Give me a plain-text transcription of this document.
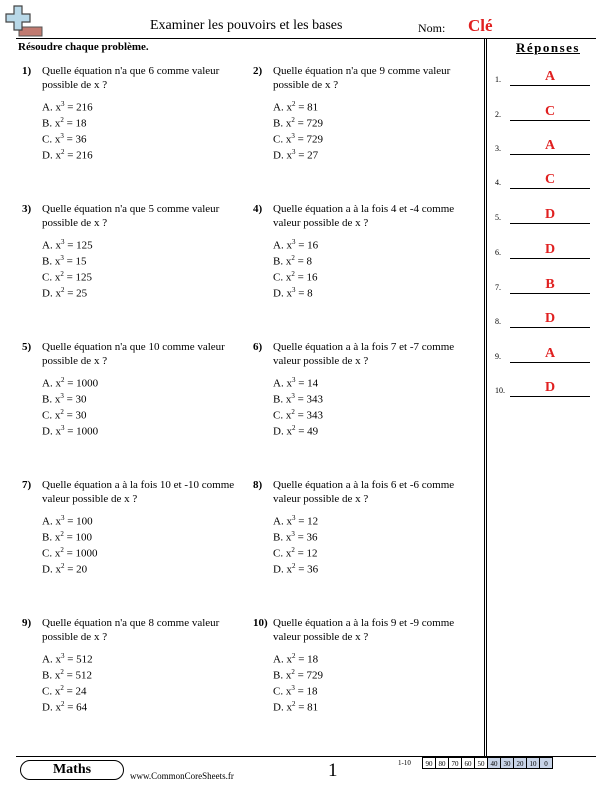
Examiner les pouvoirs et les bases	Nom: Clé
Résoudre chaque problème.	Réponses
1.	A
2.	C
3.	A
4.	C
5.	D
6.	D
7.	B
8.	D
9.	A
10.	D
1) Quelle équation n'a que 6 comme valeur possible de x ?
A. $x^3 = 216$
B. $x^2 = 18$
C. $x^3 = 36$
D. $x^2 = 216$
2) Quelle équation n'a que 9 comme valeur possible de x ?
A. $x^2 = 81$
B. $x^2 = 729$
C. $x^3 = 729$
D. $x^3 = 27$
3) Quelle équation n'a que 5 comme valeur possible de x ?
A. $x^3 = 125$
B. $x^3 = 15$
C. $x^2 = 125$
D. $x^2 = 25$
4) Quelle équation a à la fois 4 et -4 comme valeur possible de x ?
A. $x^3 = 16$
B. $x^2 = 8$
C. $x^2 = 16$
D. $x^3 = 8$
5) Quelle équation n'a que 10 comme valeur possible de x ?
A. $x^2 = 1000$
B. $x^3 = 30$
C. $x^2 = 30$
D. $x^3 = 1000$
6) Quelle équation a à la fois 7 et -7 comme valeur possible de x ?
A. $x^3 = 14$
B. $x^3 = 343$
C. $x^2 = 343$
D. $x^2 = 49$
7) Quelle équation a à la fois 10 et -10 comme valeur possible de x ?
A. $x^3 = 100$
B. $x^2 = 100$
C. $x^2 = 1000$
D. $x^2 = 20$
8) Quelle équation a à la fois 6 et -6 comme valeur possible de x ?
A. $x^3 = 12$
B. $x^3 = 36$
C. $x^2 = 12$
D. $x^2 = 36$
9) Quelle équation n'a que 8 comme valeur possible de x ?
A. $x^3 = 512$
B. $x^2 = 512$
C. $x^2 = 24$
D. $x^2 = 64$
10) Quelle équation a à la fois 9 et -9 comme valeur possible de x ?
A. $x^2 = 18$
B. $x^2 = 729$
C. $x^3 = 18$
D. $x^2 = 81$
Maths	www.CommonCoreSheets.fr	1	1-10	90 80 70 60 50 40 30 20 10	0
